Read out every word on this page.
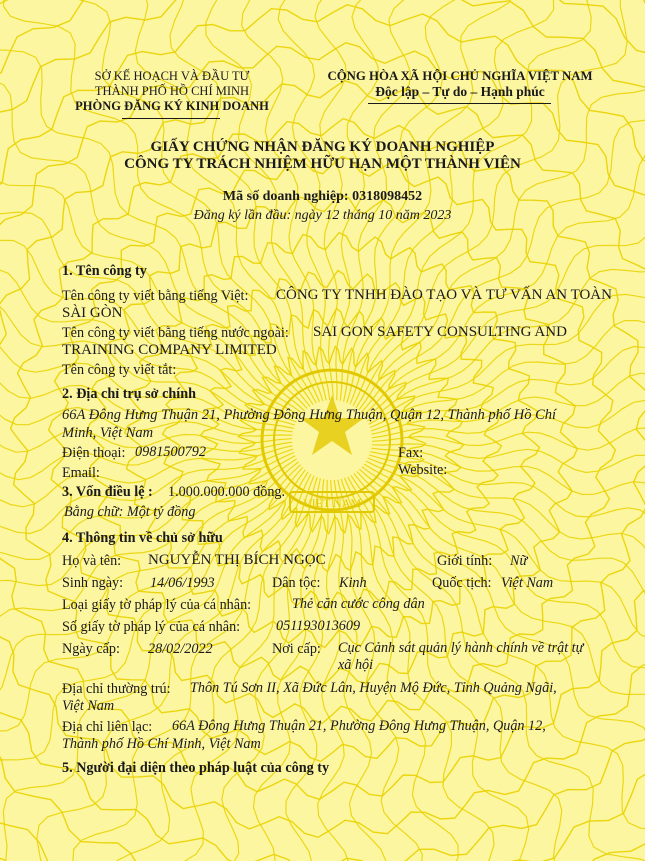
VIỆT NAM
SỞ KẾ HOẠCH VÀ ĐẦU TƯ
THÀNH PHỐ HỒ CHÍ MINH
PHÒNG ĐĂNG KÝ KINH DOANH
CỘNG HÒA XÃ HỘI CHỦ NGHĨA VIỆT NAM
Độc lập – Tự do – Hạnh phúc
GIẤY CHỨNG NHẬN ĐĂNG KÝ DOANH NGHIỆP
CÔNG TY TRÁCH NHIỆM HỮU HẠN MỘT THÀNH VIÊN
Mã số doanh nghiệp: 0318098452
Đăng ký lần đầu: ngày 12 tháng 10 năm 2023
1. Tên công ty
Tên công ty viết bằng tiếng Việt: CÔNG TY TNHH ĐÀO TẠO VÀ TƯ VẤN AN TOÀN
SÀI GÒN
Tên công ty viết bằng tiếng nước ngoài: SAI GON SAFETY CONSULTING AND
TRAINING COMPANY LIMITED
Tên công ty viết tắt:
2. Địa chỉ trụ sở chính
66A Đông Hưng Thuận 21, Phường Đông Hưng Thuận, Quận 12, Thành phố Hồ Chí
Minh, Việt Nam
Điện thoại: 0981500792	Fax:
Email:	Website:
3. Vốn điều lệ : 1.000.000.000 đồng.
Bằng chữ: Một tỷ đồng
4. Thông tin về chủ sở hữu
Họ và tên: NGUYỄN THỊ BÍCH NGỌC	Giới tính: Nữ
Sinh ngày: 14/06/1993	Dân tộc: Kinh	Quốc tịch: Việt Nam
Loại giấy tờ pháp lý của cá nhân:	Thẻ căn cước công dân
Số giấy tờ pháp lý của cá nhân:	051193013609
Ngày cấp: 28/02/2022	Nơi cấp: Cục Cảnh sát quản lý hành chính về trật tự
xã hội
Địa chỉ thường trú: Thôn Tú Sơn II, Xã Đức Lân, Huyện Mộ Đức, Tỉnh Quảng Ngãi,
Việt Nam
Địa chỉ liên lạc: 66A Đông Hưng Thuận 21, Phường Đông Hưng Thuận, Quận 12,
Thành phố Hồ Chí Minh, Việt Nam
5. Người đại diện theo pháp luật của công ty
